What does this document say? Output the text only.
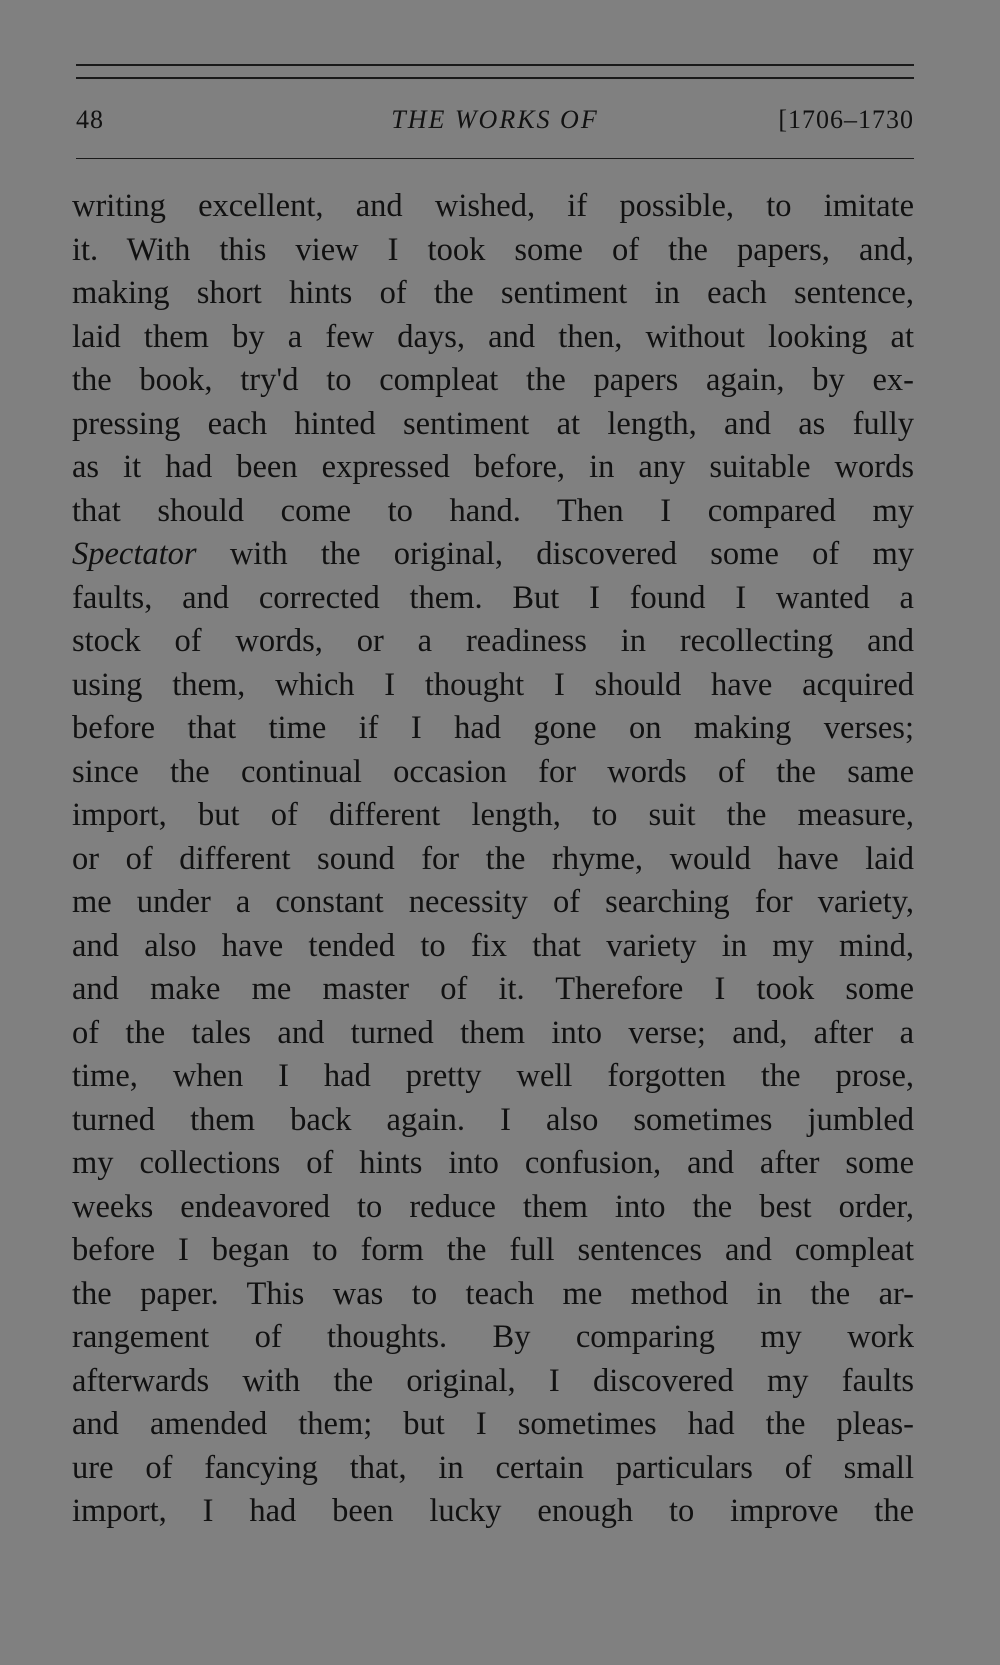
48	THE WORKS OF	[1706–1730
writing excellent, and wished, if possible, to imitate
it. With this view I took some of the papers, and,
making short hints of the sentiment in each sentence,
laid them by a few days, and then, without looking at
the book, try'd to compleat the papers again, by ex-
pressing each hinted sentiment at length, and as fully
as it had been expressed before, in any suitable words
that should come to hand. Then I compared my
Spectator with the original, discovered some of my
faults, and corrected them. But I found I wanted a
stock of words, or a readiness in recollecting and
using them, which I thought I should have acquired
before that time if I had gone on making verses;
since the continual occasion for words of the same
import, but of different length, to suit the measure,
or of different sound for the rhyme, would have laid
me under a constant necessity of searching for variety,
and also have tended to fix that variety in my mind,
and make me master of it. Therefore I took some
of the tales and turned them into verse; and, after a
time, when I had pretty well forgotten the prose,
turned them back again. I also sometimes jumbled
my collections of hints into confusion, and after some
weeks endeavored to reduce them into the best order,
before I began to form the full sentences and compleat
the paper. This was to teach me method in the ar-
rangement of thoughts. By comparing my work
afterwards with the original, I discovered my faults
and amended them; but I sometimes had the pleas-
ure of fancying that, in certain particulars of small
import, I had been lucky enough to improve the
